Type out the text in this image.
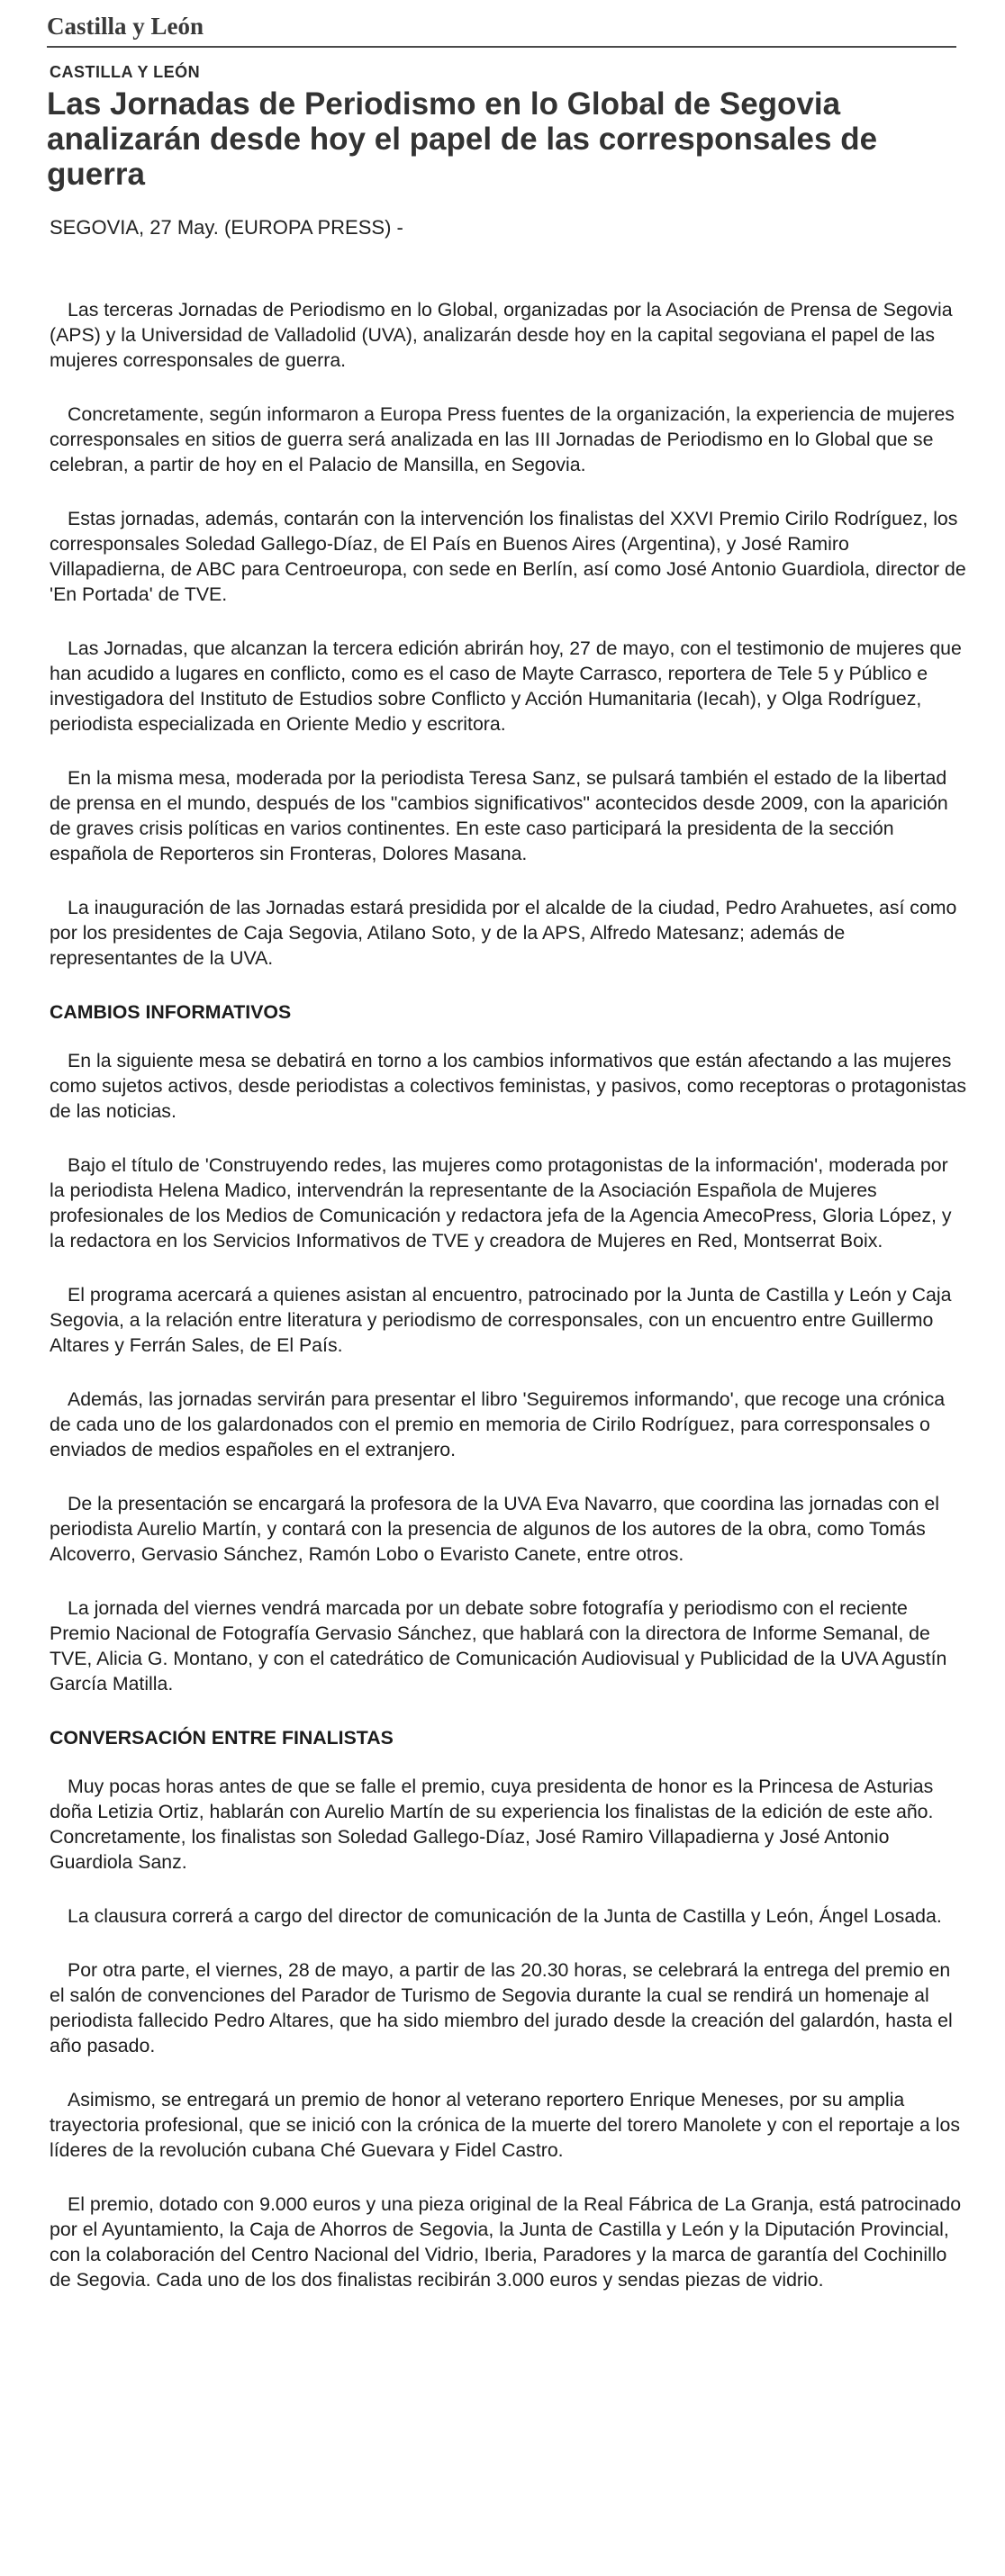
Castilla y León
CASTILLA Y LEÓN
Las Jornadas de Periodismo en lo Global de Segovia analizarán desde hoy el papel de las corresponsales de guerra
SEGOVIA, 27 May. (EUROPA PRESS) -

Las terceras Jornadas de Periodismo en lo Global, organizadas por la Asociación de Prensa de Segovia (APS) y la Universidad de Valladolid (UVA), analizarán desde hoy en la capital segoviana el papel de las mujeres corresponsales de guerra.

Concretamente, según informaron a Europa Press fuentes de la organización, la experiencia de mujeres corresponsales en sitios de guerra será analizada en las III Jornadas de Periodismo en lo Global que se celebran, a partir de hoy en el Palacio de Mansilla, en Segovia.

Estas jornadas, además, contarán con la intervención los finalistas del XXVI Premio Cirilo Rodríguez, los corresponsales Soledad Gallego-Díaz, de El País en Buenos Aires (Argentina), y José Ramiro Villapadierna, de ABC para Centroeuropa, con sede en Berlín, así como José Antonio Guardiola, director de 'En Portada' de TVE.

Las Jornadas, que alcanzan la tercera edición abrirán hoy, 27 de mayo, con el testimonio de mujeres que han acudido a lugares en conflicto, como es el caso de Mayte Carrasco, reportera de Tele 5 y Público e investigadora del Instituto de Estudios sobre Conflicto y Acción Humanitaria (Iecah), y Olga Rodríguez, periodista especializada en Oriente Medio y escritora.

En la misma mesa, moderada por la periodista Teresa Sanz, se pulsará también el estado de la libertad de prensa en el mundo, después de los "cambios significativos" acontecidos desde 2009, con la aparición de graves crisis políticas en varios continentes. En este caso participará la presidenta de la sección española de Reporteros sin Fronteras, Dolores Masana.

La inauguración de las Jornadas estará presidida por el alcalde de la ciudad, Pedro Arahuetes, así como por los presidentes de Caja Segovia, Atilano Soto, y de la APS, Alfredo Matesanz; además de representantes de la UVA.

CAMBIOS INFORMATIVOS

En la siguiente mesa se debatirá en torno a los cambios informativos que están afectando a las mujeres como sujetos activos, desde periodistas a colectivos feministas, y pasivos, como receptoras o protagonistas de las noticias.

Bajo el título de 'Construyendo redes, las mujeres como protagonistas de la información', moderada por la periodista Helena Madico, intervendrán la representante de la Asociación Española de Mujeres profesionales de los Medios de Comunicación y redactora jefa de la Agencia AmecoPress, Gloria López, y la redactora en los Servicios Informativos de TVE y creadora de Mujeres en Red, Montserrat Boix.

El programa acercará a quienes asistan al encuentro, patrocinado por la Junta de Castilla y León y Caja Segovia, a la relación entre literatura y periodismo de corresponsales, con un encuentro entre Guillermo Altares y Ferrán Sales, de El País.

Además, las jornadas servirán para presentar el libro 'Seguiremos informando', que recoge una crónica de cada uno de los galardonados con el premio en memoria de Cirilo Rodríguez, para corresponsales o enviados de medios españoles en el extranjero.

De la presentación se encargará la profesora de la UVA Eva Navarro, que coordina las jornadas con el periodista Aurelio Martín, y contará con la presencia de algunos de los autores de la obra, como Tomás Alcoverro, Gervasio Sánchez, Ramón Lobo o Evaristo Canete, entre otros.

La jornada del viernes vendrá marcada por un debate sobre fotografía y periodismo con el reciente Premio Nacional de Fotografía Gervasio Sánchez, que hablará con la directora de Informe Semanal, de TVE, Alicia G. Montano, y con el catedrático de Comunicación Audiovisual y Publicidad de la UVA Agustín García Matilla.

CONVERSACIÓN ENTRE FINALISTAS

Muy pocas horas antes de que se falle el premio, cuya presidenta de honor es la Princesa de Asturias doña Letizia Ortiz, hablarán con Aurelio Martín de su experiencia los finalistas de la edición de este año. Concretamente, los finalistas son Soledad Gallego-Díaz, José Ramiro Villapadierna y José Antonio Guardiola Sanz.

La clausura correrá a cargo del director de comunicación de la Junta de Castilla y León, Ángel Losada.

Por otra parte, el viernes, 28 de mayo, a partir de las 20.30 horas, se celebrará la entrega del premio en el salón de convenciones del Parador de Turismo de Segovia durante la cual se rendirá un homenaje al periodista fallecido Pedro Altares, que ha sido miembro del jurado desde la creación del galardón, hasta el año pasado.

Asimismo, se entregará un premio de honor al veterano reportero Enrique Meneses, por su amplia trayectoria profesional, que se inició con la crónica de la muerte del torero Manolete y con el reportaje a los líderes de la revolución cubana Ché Guevara y Fidel Castro.

El premio, dotado con 9.000 euros y una pieza original de la Real Fábrica de La Granja, está patrocinado por el Ayuntamiento, la Caja de Ahorros de Segovia, la Junta de Castilla y León y la Diputación Provincial, con la colaboración del Centro Nacional del Vidrio, Iberia, Paradores y la marca de garantía del Cochinillo de Segovia. Cada uno de los dos finalistas recibirán 3.000 euros y sendas piezas de vidrio.
